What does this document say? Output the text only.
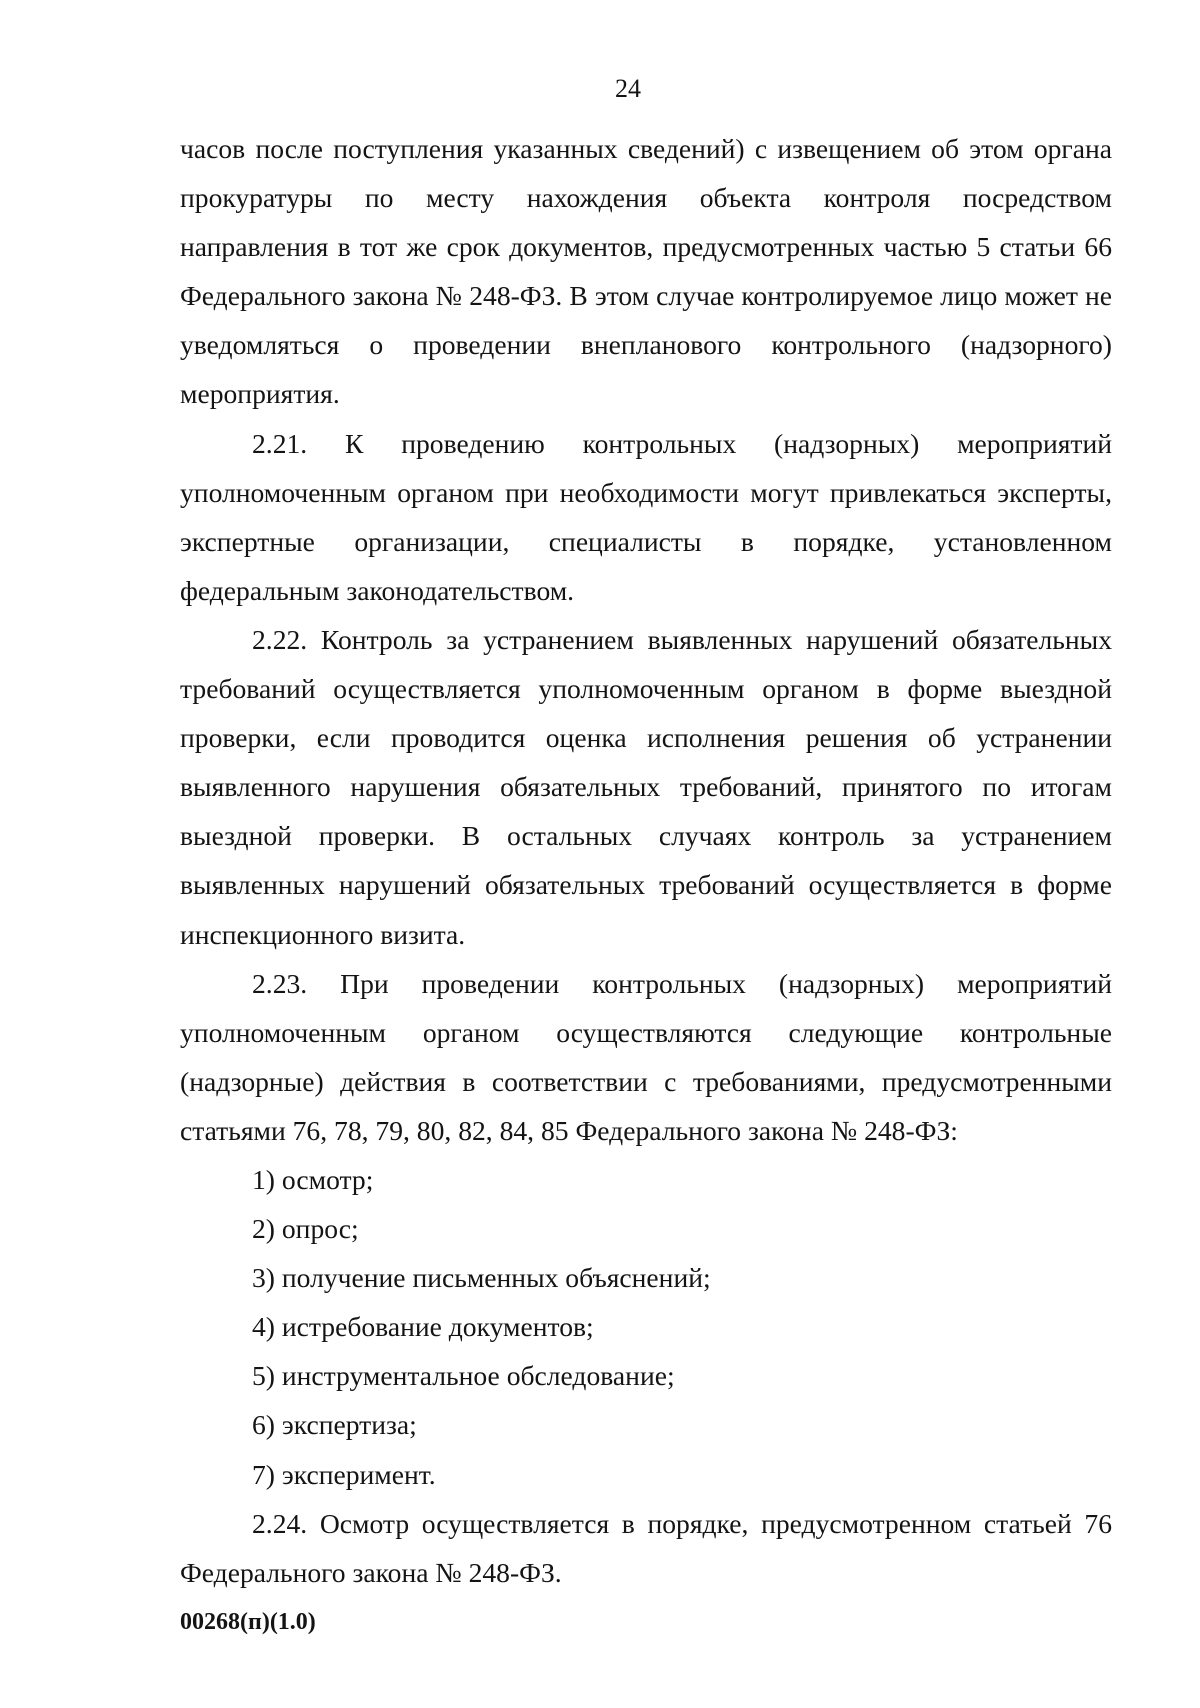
24

часов после поступления указанных сведений) с извещением об этом органа прокуратуры по месту нахождения объекта контроля посредством направления в тот же срок документов, предусмотренных частью 5 статьи 66 Федерального закона № 248-ФЗ. В этом случае контролируемое лицо может не уведомляться о проведении внепланового контрольного (надзорного) мероприятия.

2.21. К проведению контрольных (надзорных) мероприятий уполномоченным органом при необходимости могут привлекаться эксперты, экспертные организации, специалисты в порядке, установленном федеральным законодательством.

2.22. Контроль за устранением выявленных нарушений обязательных требований осуществляется уполномоченным органом в форме выездной проверки, если проводится оценка исполнения решения об устранении выявленного нарушения обязательных требований, принятого по итогам выездной проверки. В остальных случаях контроль за устранением выявленных нарушений обязательных требований осуществляется в форме инспекционного визита.

2.23. При проведении контрольных (надзорных) мероприятий уполномоченным органом осуществляются следующие контрольные (надзорные) действия в соответствии с требованиями, предусмотренными статьями 76, 78, 79, 80, 82, 84, 85 Федерального закона № 248-ФЗ:

1) осмотр;

2) опрос;

3) получение письменных объяснений;

4) истребование документов;

5) инструментальное обследование;

6) экспертиза;

7) эксперимент.

2.24. Осмотр осуществляется в порядке, предусмотренном статьей 76 Федерального закона № 248-ФЗ.

00268(п)(1.0)
